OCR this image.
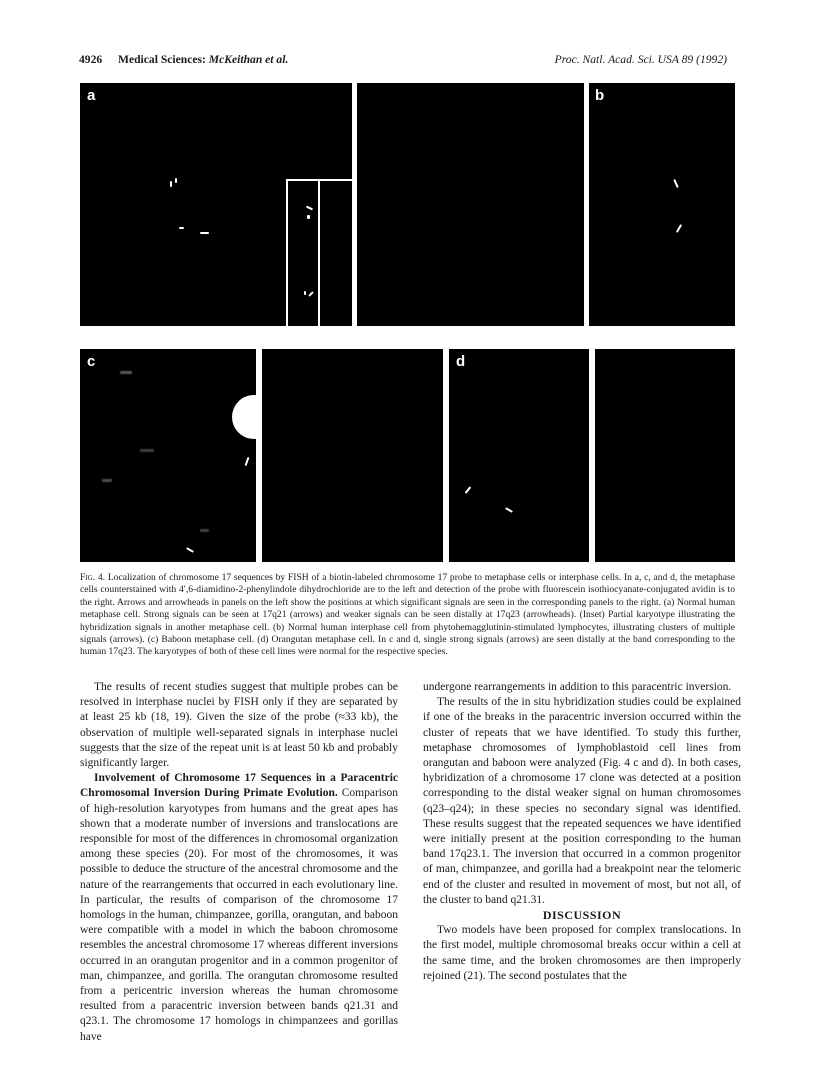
4926 Medical Sciences: McKeithan et al.	Proc. Natl. Acad. Sci. USA 89 (1992)
a	b
c	d
Fig. 4. Localization of chromosome 17 sequences by FISH of a biotin-labeled chromosome 17 probe to metaphase cells or interphase cells. In a, c, and d, the metaphase cells counterstained with 4′,6-diamidino-2-phenylindole dihydrochloride are to the left and detection of the probe with fluorescein isothiocyanate-conjugated avidin is to the right. Arrows and arrowheads in panels on the left show the positions at which significant signals are seen in the corresponding panels to the right. (a) Normal human metaphase cell. Strong signals can be seen at 17q21 (arrows) and weaker signals can be seen distally at 17q23 (arrowheads). (Inset) Partial karyotype illustrating the hybridization signals in another metaphase cell. (b) Normal human interphase cell from phytohemagglutinin-stimulated lymphocytes, illustrating clusters of multiple signals (arrows). (c) Baboon metaphase cell. (d) Orangutan metaphase cell. In c and d, single strong signals (arrows) are seen distally at the band corresponding to the human 17q23. The karyotypes of both of these cell lines were normal for the respective species.

The results of recent studies suggest that multiple probes can be resolved in interphase nuclei by FISH only if they are separated by at least 25 kb (18, 19). Given the size of the probe (≈33 kb), the observation of multiple well-separated signals in interphase nuclei suggests that the size of the repeat unit is at least 50 kb and probably significantly larger.

Involvement of Chromosome 17 Sequences in a Paracentric Chromosomal Inversion During Primate Evolution. Comparison of high-resolution karyotypes from humans and the great apes has shown that a moderate number of inversions and translocations are responsible for most of the differences in chromosomal organization among these species (20). For most of the chromosomes, it was possible to deduce the structure of the ancestral chromosome and the nature of the rearrangements that occurred in each evolutionary line. In particular, the results of comparison of the chromosome 17 homologs in the human, chimpanzee, gorilla, orangutan, and baboon were compatible with a model in which the baboon chromosome resembles the ancestral chromosome 17 whereas different inversions occurred in an orangutan progenitor and in a common progenitor of man, chimpanzee, and gorilla. The orangutan chromosome resulted from a pericentric inversion whereas the human chromosome resulted from a paracentric inversion between bands q21.31 and q23.1. The chromosome 17 homologs in chimpanzees and gorillas have

undergone rearrangements in addition to this paracentric inversion.

The results of the in situ hybridization studies could be explained if one of the breaks in the paracentric inversion occurred within the cluster of repeats that we have identified. To study this further, metaphase chromosomes of lymphoblastoid cell lines from orangutan and baboon were analyzed (Fig. 4 c and d). In both cases, hybridization of a chromosome 17 clone was detected at a position corresponding to the distal weaker signal on human chromosomes (q23–q24); in these species no secondary signal was identified. These results suggest that the repeated sequences we have identified were initially present at the position corresponding to the human band 17q23.1. The inversion that occurred in a common progenitor of man, chimpanzee, and gorilla had a breakpoint near the telomeric end of the cluster and resulted in movement of most, but not all, of the cluster to band q21.31.

DISCUSSION

Two models have been proposed for complex translocations. In the first model, multiple chromosomal breaks occur within a cell at the same time, and the broken chromosomes are then improperly rejoined (21). The second postulates that the
